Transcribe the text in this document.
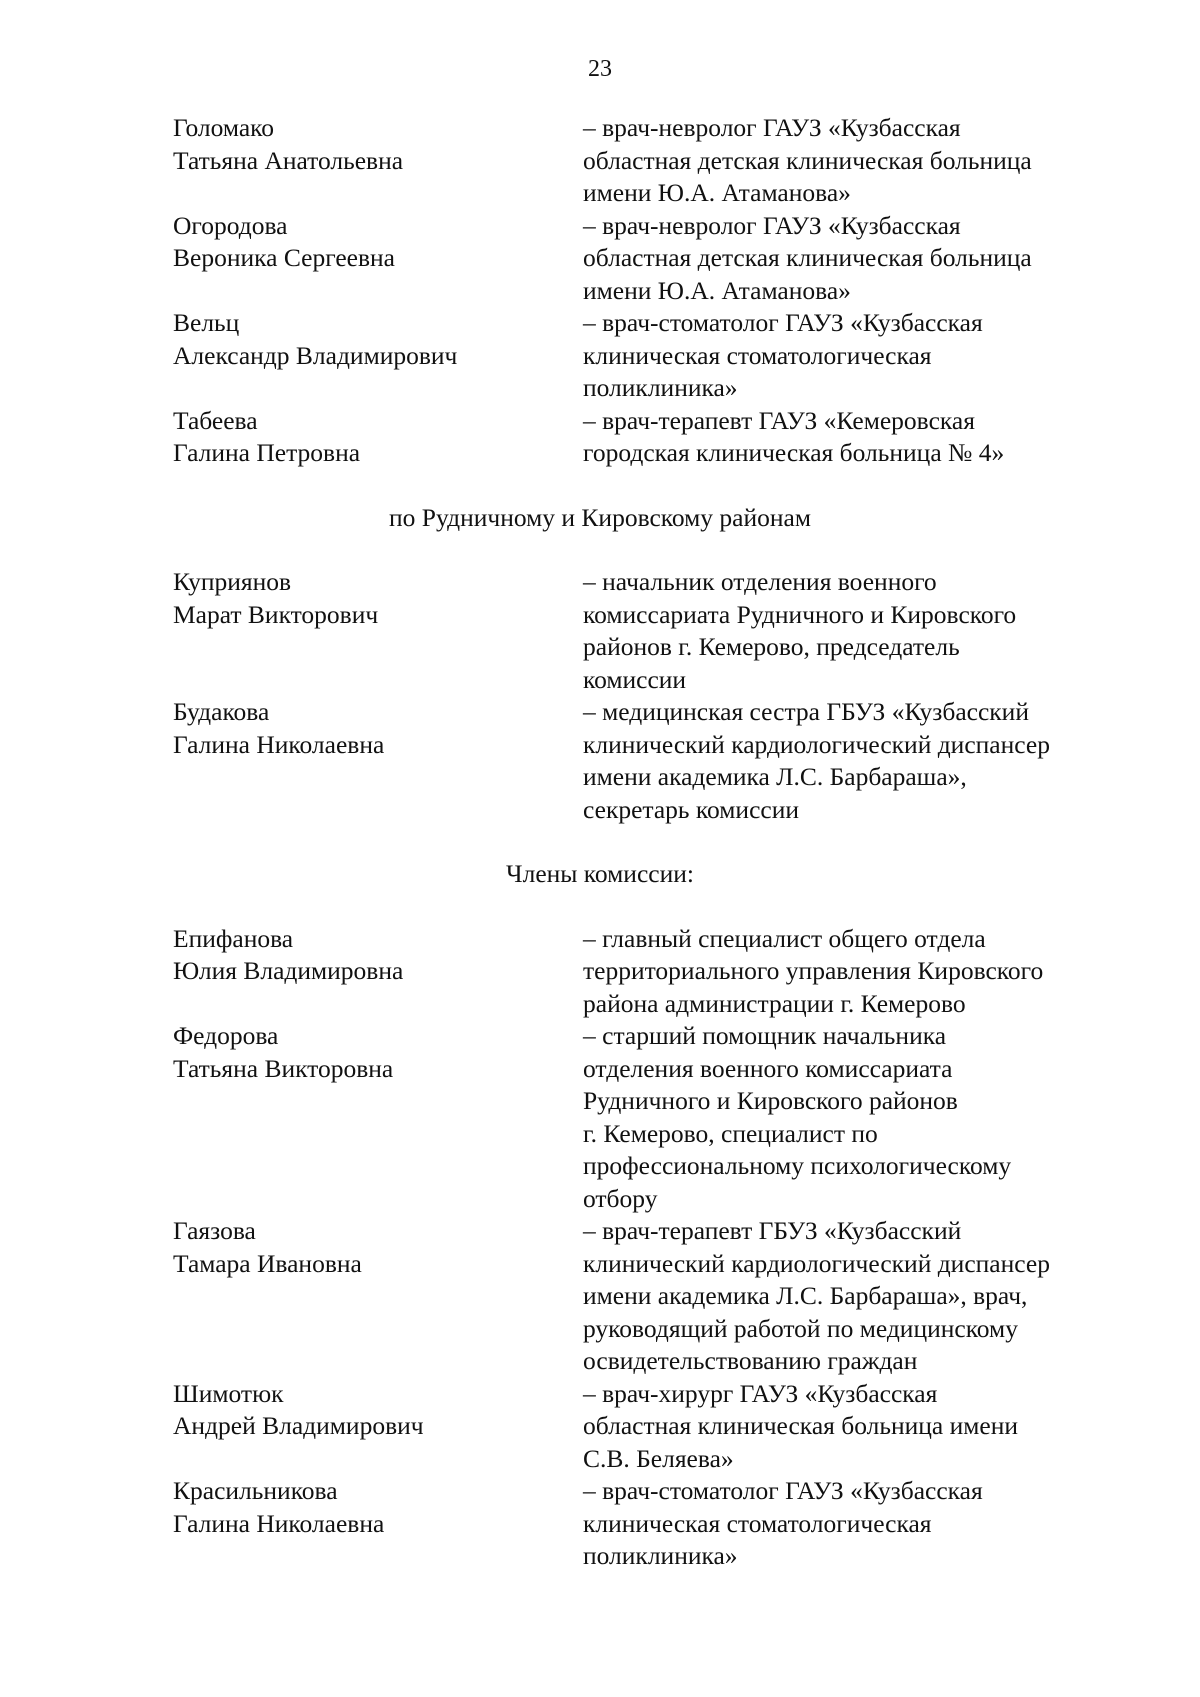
23
Голомако
Татьяна Анатольевна
– врач-невролог ГАУЗ «Кузбасская
областная детская клиническая больница
имени Ю.А. Атаманова»
Огородова
Вероника Сергеевна
– врач-невролог ГАУЗ «Кузбасская
областная детская клиническая больница
имени Ю.А. Атаманова»
Вельц
Александр Владимирович
– врач-стоматолог ГАУЗ «Кузбасская
клиническая стоматологическая
поликлиника»
Табеева
Галина Петровна
– врач-терапевт ГАУЗ «Кемеровская
городская клиническая больница № 4»
по Рудничному и Кировскому районам
Куприянов
Марат Викторович
– начальник отделения военного
комиссариата Рудничного и Кировского
районов г. Кемерово, председатель
комиссии
Будакова
Галина Николаевна
– медицинская сестра ГБУЗ «Кузбасский
клинический кардиологический диспансер
имени академика Л.С. Барбараша»,
секретарь комиссии
Члены комиссии:
Епифанова
Юлия Владимировна
– главный специалист общего отдела
территориального управления Кировского
района администрации г. Кемерово
Федорова
Татьяна Викторовна
– старший помощник начальника
отделения военного комиссариата
Рудничного и Кировского районов
г. Кемерово, специалист по
профессиональному психологическому
отбору
Гаязова
Тамара Ивановна
– врач-терапевт ГБУЗ «Кузбасский
клинический кардиологический диспансер
имени академика Л.С. Барбараша», врач,
руководящий работой по медицинскому
освидетельствованию граждан
Шимотюк
Андрей Владимирович
– врач-хирург ГАУЗ «Кузбасская
областная клиническая больница имени
С.В. Беляева»
Красильникова
Галина Николаевна
– врач-стоматолог ГАУЗ «Кузбасская
клиническая стоматологическая
поликлиника»
